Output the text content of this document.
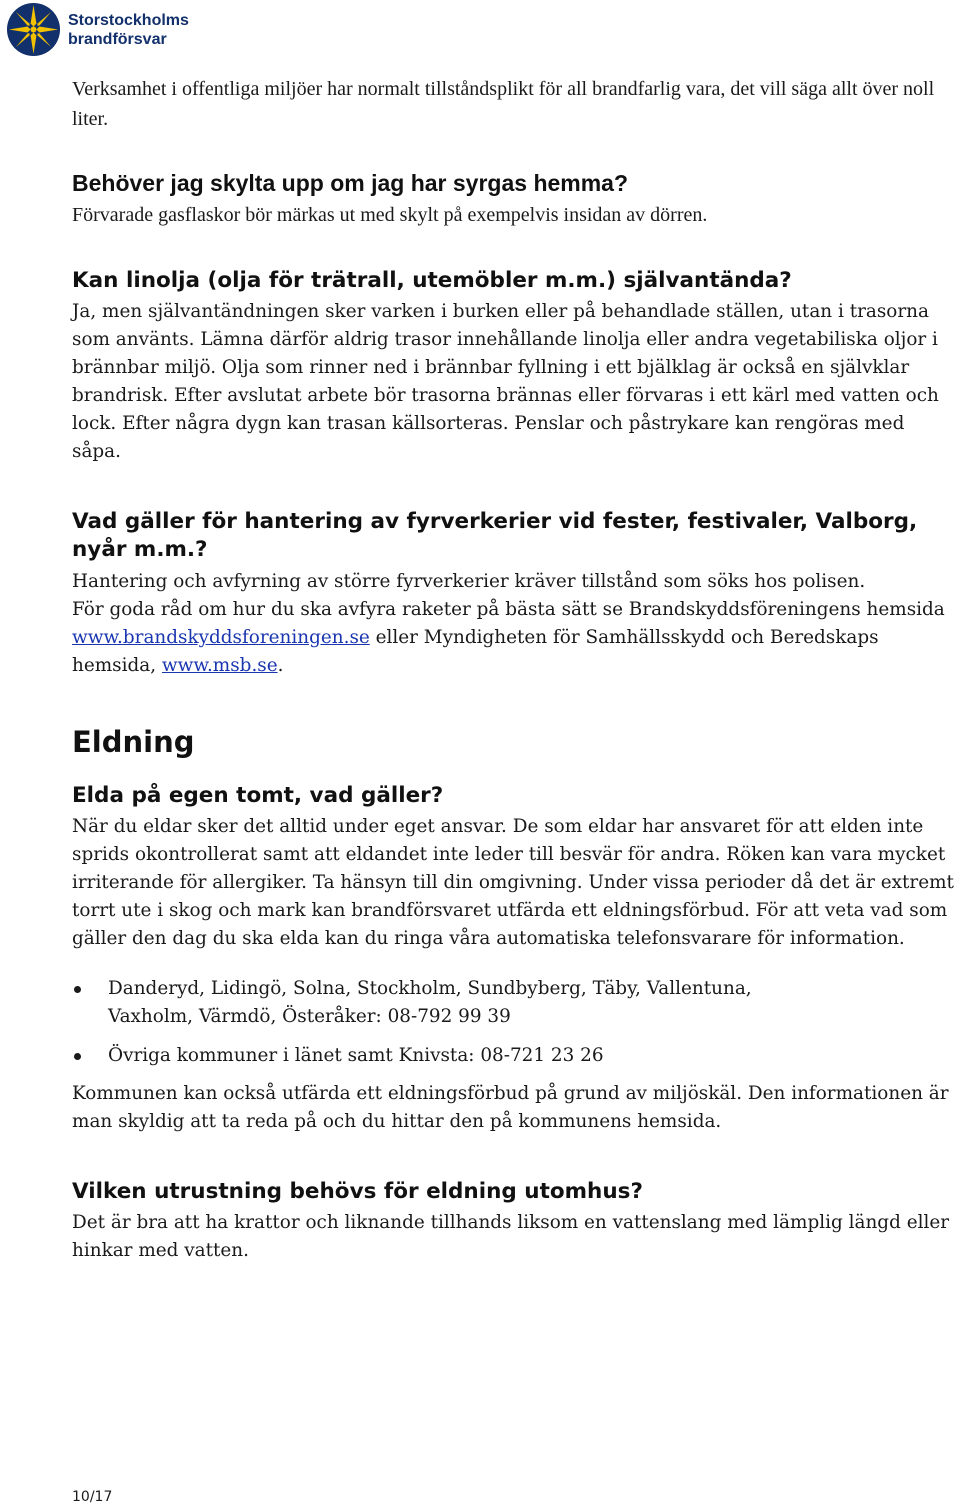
Storstockholms
brandförsvar

Verksamhet i offentliga miljöer har normalt tillståndsplikt för all brandfarlig vara, det vill säga allt över noll liter.

Behöver jag skylta upp om jag har syrgas hemma?

Förvarade gasflaskor bör märkas ut med skylt på exempelvis insidan av dörren.

Kan linolja (olja för trätrall, utemöbler m.m.) självantända?

Ja, men självantändningen sker varken i burken eller på behandlade ställen, utan i trasorna som använts. Lämna därför aldrig trasor innehållande linolja eller andra vegetabiliska oljor i brännbar miljö. Olja som rinner ned i brännbar fyllning i ett bjälklag är också en självklar brandrisk. Efter avslutat arbete bör trasorna brännas eller förvaras i ett kärl med vatten och lock. Efter några dygn kan trasan källsorteras. Penslar och påstrykare kan rengöras med såpa.

Vad gäller för hantering av fyrverkerier vid fester, festivaler, Valborg, nyår m.m.?

Hantering och avfyrning av större fyrverkerier kräver tillstånd som söks hos polisen.

För goda råd om hur du ska avfyra raketer på bästa sätt se Brandskyddsföreningens hemsida www.brandskyddsforeningen.se eller Myndigheten för Samhällsskydd och Beredskaps hemsida, www.msb.se.

Eldning
Elda på egen tomt, vad gäller?

När du eldar sker det alltid under eget ansvar. De som eldar har ansvaret för att elden inte sprids okontrollerat samt att eldandet inte leder till besvär för andra. Röken kan vara mycket irriterande för allergiker. Ta hänsyn till din omgivning. Under vissa perioder då det är extremt torrt ute i skog och mark kan brandförsvaret utfärda ett eldningsförbud. För att veta vad som gäller den dag du ska elda kan du ringa våra automatiska telefonsvarare för information.

Danderyd, Lidingö, Solna, Stockholm, Sundbyberg, Täby, Vallentuna, Vaxholm, Värmdö, Österåker: 08-792 99 39
Övriga kommuner i länet samt Knivsta: 08-721 23 26

Kommunen kan också utfärda ett eldningsförbud på grund av miljöskäl. Den informationen är man skyldig att ta reda på och du hittar den på kommunens hemsida.

Vilken utrustning behövs för eldning utomhus?

Det är bra att ha krattor och liknande tillhands liksom en vattenslang med lämplig längd eller hinkar med vatten.

10/17
